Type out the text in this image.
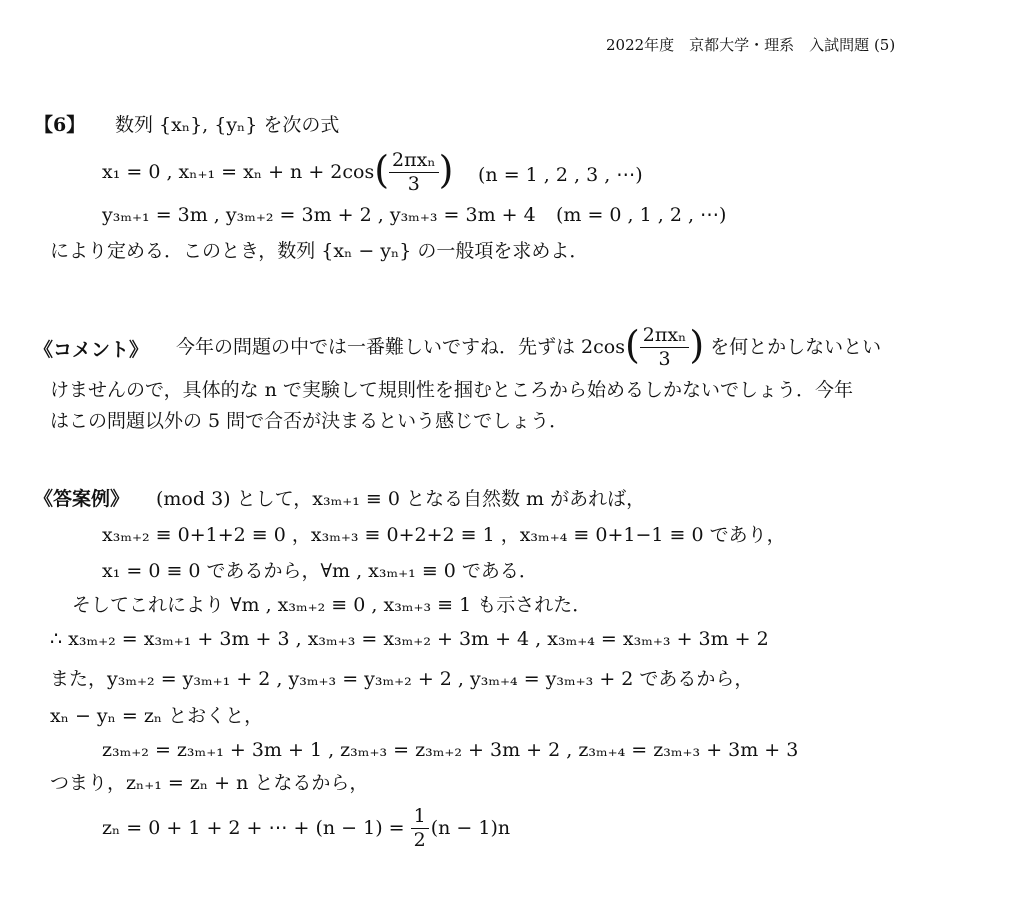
2022年度　京都大学・理系　入試問題 (5)
【6】 数列 {xₙ}, {yₙ} を次の式
x₁ = 0 , xₙ₊₁ = xₙ + n + 2cos ( $\frac{\text{2πxₙ}}{3}$ ) (n = 1 , 2 , 3 , ⋯)
y₃ₘ₊₁ = 3m , y₃ₘ₊₂ = 3m + 2 , y₃ₘ₊₃ = 3m + 4 (m = 0 , 1 , 2 , ⋯)
により定める．このとき，数列 {xₙ − yₙ} の一般項を求めよ．
《コメント》 今年の問題の中では一番難しいですね．先ずは 2cos ( $\frac{\text{2πxₙ}}{3}$ ) を何とかしないとい
けませんので，具体的な n で実験して規則性を掴むところから始めるしかないでしょう．今年
はこの問題以外の 5 問で合否が決まるという感じでしょう．
《答案例》 (mod 3) として，x₃ₘ₊₁ ≡ 0 となる自然数 m があれば，
x₃ₘ₊₂ ≡ 0+1+2 ≡ 0 ，x₃ₘ₊₃ ≡ 0+2+2 ≡ 1 ，x₃ₘ₊₄ ≡ 0+1−1 ≡ 0 であり，
x₁ = 0 ≡ 0 であるから，∀m , x₃ₘ₊₁ ≡ 0 である．
そしてこれにより ∀m , x₃ₘ₊₂ ≡ 0 , x₃ₘ₊₃ ≡ 1 も示された．
∴ x₃ₘ₊₂ = x₃ₘ₊₁ + 3m + 3 , x₃ₘ₊₃ = x₃ₘ₊₂ + 3m + 4 , x₃ₘ₊₄ = x₃ₘ₊₃ + 3m + 2
また，y₃ₘ₊₂ = y₃ₘ₊₁ + 2 , y₃ₘ₊₃ = y₃ₘ₊₂ + 2 , y₃ₘ₊₄ = y₃ₘ₊₃ + 2 であるから，
xₙ − yₙ = zₙ とおくと，
z₃ₘ₊₂ = z₃ₘ₊₁ + 3m + 1 , z₃ₘ₊₃ = z₃ₘ₊₂ + 3m + 2 , z₃ₘ₊₄ = z₃ₘ₊₃ + 3m + 3
つまり，zₙ₊₁ = zₙ + n となるから，
zₙ = 0 + 1 + 2 + ⋯ + $(n - 1) = \frac{1}{2} (n - 1)n$
